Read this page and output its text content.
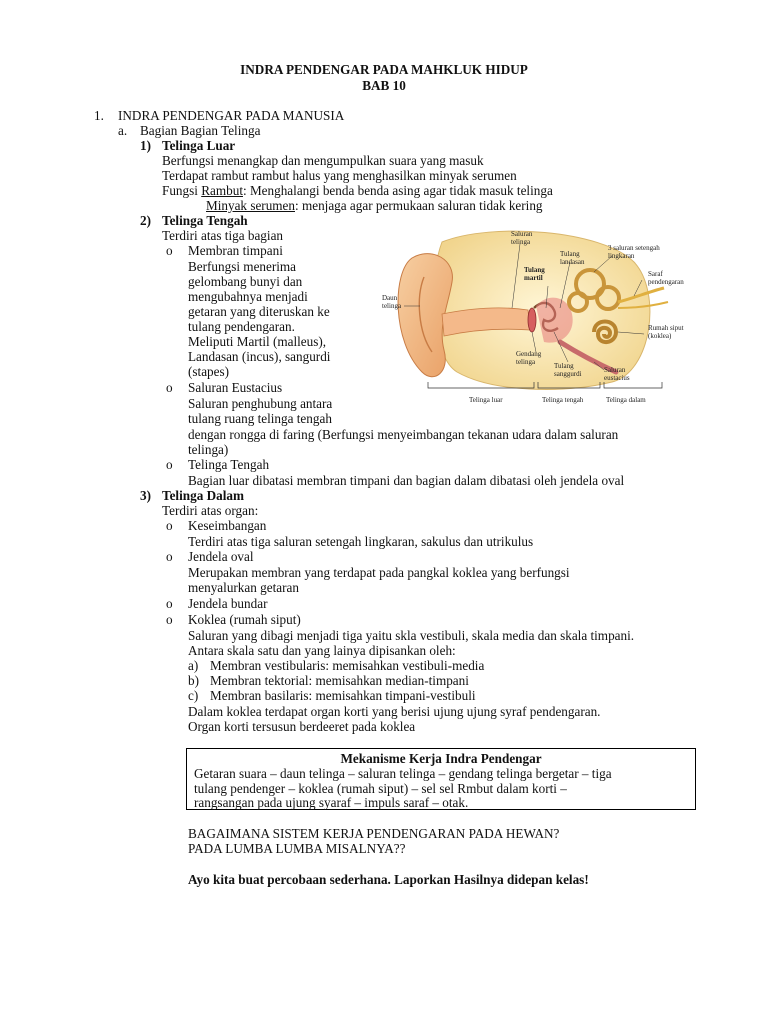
INDRA PENDENGAR PADA MAHKLUK HIDUP
BAB 10
1. INDRA PENDENGAR PADA MANUSIA
a. Bagian Bagian Telinga
1) Telinga Luar
Berfungsi menangkap dan mengumpulkan suara yang masuk
Terdapat rambut rambut halus yang menghasilkan minyak serumen
Fungsi Rambut: Menghalangi benda benda asing agar tidak masuk telinga
Minyak serumen: menjaga agar permukaan saluran tidak kering
2) Telinga Tengah
Terdiri atas tiga bagian
o Membran timpani
Berfungsi menerima
gelombang bunyi dan
mengubahnya menjadi
getaran yang diteruskan ke
tulang pendengaran.
Meliputi Martil (malleus),
Landasan (incus), sangurdi
(stapes)
o Saluran Eustacius
Saluran penghubung antara
tulang ruang telinga tengah
dengan rongga di faring (Berfungsi menyeimbangan tekanan udara dalam saluran
telinga)
o Telinga Tengah
Bagian luar dibatasi membran timpani dan bagian dalam dibatasi oleh jendela oval
3) Telinga Dalam
Terdiri atas organ:
o Keseimbangan
Terdiri atas tiga saluran setengah lingkaran, sakulus dan utrikulus
o Jendela oval
Merupakan membran yang terdapat pada pangkal koklea yang berfungsi
menyalurkan getaran
o Jendela bundar
o Koklea (rumah siput)
Saluran yang dibagi menjadi tiga yaitu skla vestibuli, skala media dan skala timpani.
Antara skala satu dan yang lainya dipisankan oleh:
a) Membran vestibularis: memisahkan vestibuli-media
b) Membran tektorial: memisahkan median-timpani
c) Membran basilaris: memisahkan timpani-vestibuli
Dalam koklea terdapat organ korti yang berisi ujung ujung syraf pendengaran.
Organ korti tersusun berdeeret pada koklea
Mekanisme Kerja Indra Pendengar
Getaran suara – daun telinga – saluran telinga – gendang telinga bergetar – tiga
tulang pendenger – koklea (rumah siput) – sel sel Rmbut dalam korti –
rangsangan pada ujung syaraf – impuls saraf – otak.
BAGAIMANA SISTEM KERJA PENDENGARAN PADA HEWAN?
PADA LUMBA LUMBA MISALNYA??
Ayo kita buat percobaan sederhana. Laporkan Hasilnya didepan kelas!
Saluran telinga
Tulang landasan
3 saluran setengah lingkaran
Saraf pendengaran
Tulang martil
Daun telinga
Rumah siput (koklea)
Gendang telinga	Tulang sanggurdi	Saluran eustacius
Telinga luar	Telinga tengah	Telinga dalam
